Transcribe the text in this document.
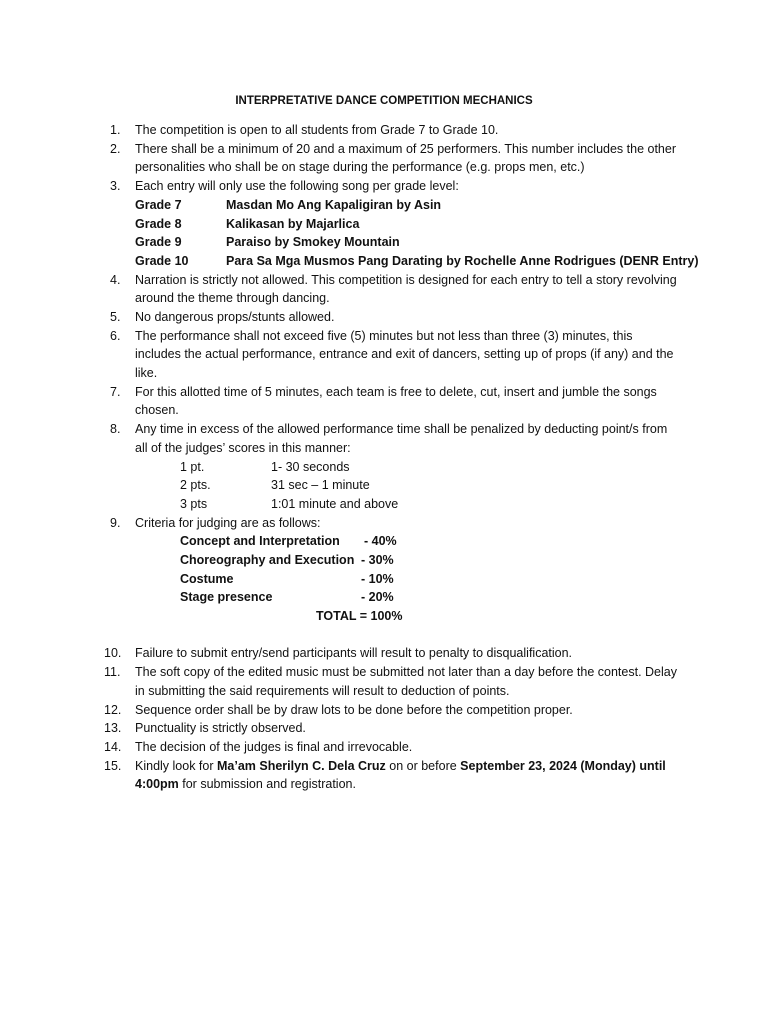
INTERPRETATIVE DANCE COMPETITION MECHANICS
1. The competition is open to all students from Grade 7 to Grade 10.
2. There shall be a minimum of 20 and a maximum of 25 performers. This number includes the other personalities who shall be on stage during the performance (e.g. props men, etc.)
3. Each entry will only use the following song per grade level:
Grade 7	Masdan Mo Ang Kapaligiran by Asin
Grade 8	Kalikasan by Majarlica
Grade 9	Paraiso by Smokey Mountain
Grade 10	Para Sa Mga Musmos Pang Darating by Rochelle Anne Rodrigues (DENR Entry)
4. Narration is strictly not allowed. This competition is designed for each entry to tell a story revolving around the theme through dancing.
5. No dangerous props/stunts allowed.
6. The performance shall not exceed five (5) minutes but not less than three (3) minutes, this includes the actual performance, entrance and exit of dancers, setting up of props (if any) and the like.
7. For this allotted time of 5 minutes, each team is free to delete, cut, insert and jumble the songs chosen.
8. Any time in excess of the allowed performance time shall be penalized by deducting point/s from all of the judges’ scores in this manner:
1 pt.	1- 30 seconds
2 pts.	31 sec – 1 minute
3 pts	1:01 minute and above
9. Criteria for judging are as follows:
Concept and Interpretation - 40%
Choreography and Execution - 30%
Costume	- 10%
Stage presence	- 20%
TOTAL = 100%
10. Failure to submit entry/send participants will result to penalty to disqualification.
11. The soft copy of the edited music must be submitted not later than a day before the contest. Delay in submitting the said requirements will result to deduction of points.
12. Sequence order shall be by draw lots to be done before the competition proper.
13. Punctuality is strictly observed.
14. The decision of the judges is final and irrevocable.
15. Kindly look for Ma’am Sherilyn C. Dela Cruz on or before September 23, 2024 (Monday) until 4:00pm for submission and registration.
